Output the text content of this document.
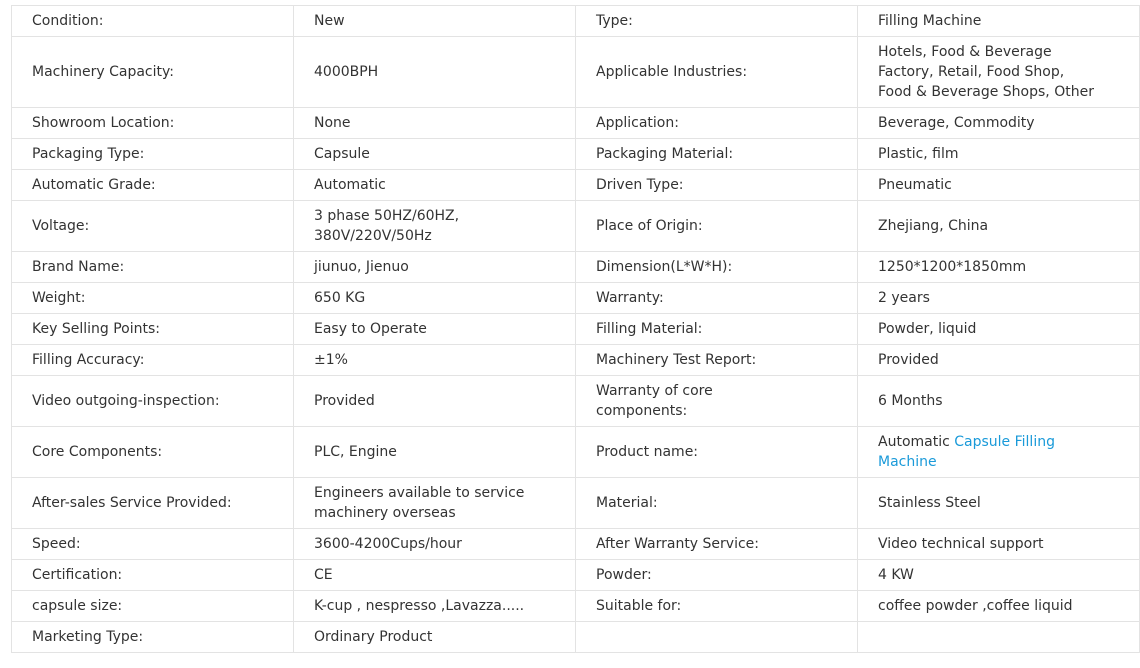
Condition:	New	Type:	Filling Machine

Machinery Capacity:	4000BPH	Applicable Industries:	Hotels, Food & Beverage
Factory, Retail, Food Shop,
Food & Beverage Shops, Other

Showroom Location:	None	Application:	Beverage, Commodity

Packaging Type:	Capsule	Packaging Material:	Plastic, film

Automatic Grade:	Automatic	Driven Type:	Pneumatic

Voltage:	3 phase 50HZ/60HZ,
380V/220V/50Hz	Place of Origin:	Zhejiang, China

Brand Name:	jiunuo, Jienuo	Dimension(L*W*H):	1250*1200*1850mm

Weight:	650 KG	Warranty:	2 years

Key Selling Points:	Easy to Operate	Filling Material:	Powder, liquid

Filling Accuracy:	±1%	Machinery Test Report:	Provided

Video outgoing-inspection:	Provided	Warranty of core
components:	6 Months

Core Components:	PLC, Engine	Product name:	Automatic Capsule Filling
Machine

After-sales Service Provided:	Engineers available to service
machinery overseas	Material:	Stainless Steel

Speed:	3600-4200Cups/hour	After Warranty Service:	Video technical support

Certification:	CE	Powder:	4 KW

capsule size:	K-cup , nespresso ,Lavazza.....	Suitable for:	coffee powder ,coffee liquid

Marketing Type:	Ordinary Product		
